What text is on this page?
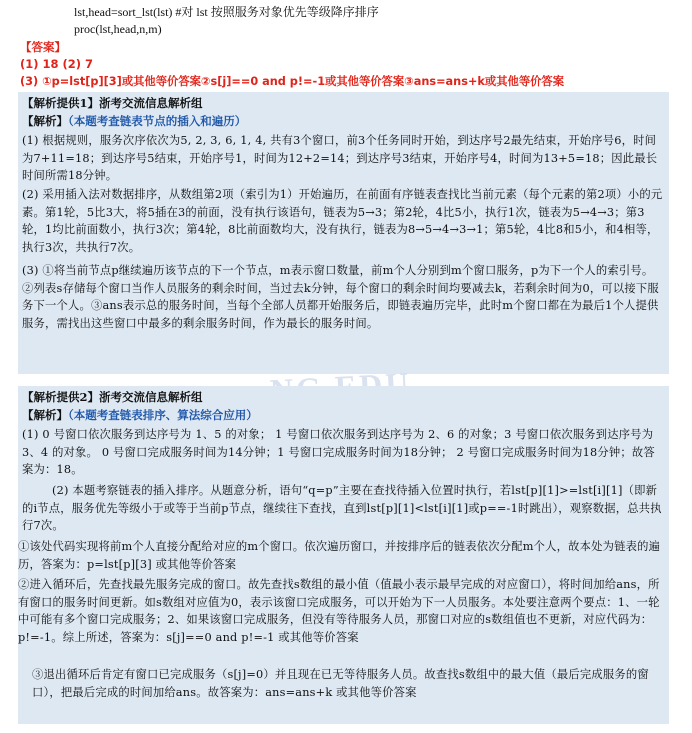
lst,head=sort_lst(lst) #对 lst 按照服务对象优先等级降序排序
proc(lst,head,n,m)
【答案】
(1) 18 (2) 7
(3) ①p=lst[p][3]或其他等价答案②s[j]==0 and p!=-1或其他等价答案③ans=ans+k或其他等价答案
【解析提供1】浙考交流信息解析组
【解析】（本题考查链表节点的插入和遍历）
(1) 根据规则，服务次序依次为5, 2, 3, 6, 1, 4, 共有3个窗口，前3个任务同时开始，到达序号2最先结束，开始序号6，时间为7+11=18；到达序号5结束，开始序号1，时间为12+2=14；到达序号3结束，开始序号4，时间为13+5=18；因此最长时间所需18分钟。
(2) 采用插入法对数据排序，从数组第2项（索引为1）开始遍历，在前面有序链表查找比当前元素（每个元素的第2项）小的元素。第1轮，5比3大，将5插在3的前面，没有执行该语句，链表为5→3；第2轮，4比5小，执行1次，链表为5→4→3；第3轮，1均比前面数小，执行3次；第4轮，8比前面数均大，没有执行，链表为8→5→4→3→1；第5轮，4比8和5小，和4相等，执行3次，共执行7次。
(3) ①将当前节点p继续遍历该节点的下一个节点，m表示窗口数量，前m个人分别到m个窗口服务，p为下一个人的索引号。②列表s存储每个窗口当作人员服务的剩余时间，当过去k分钟，每个窗口的剩余时间均要减去k，若剩余时间为0，可以接下服务下一个人。③ans表示总的服务时间，当每个全部人员都开始服务后，即链表遍历完毕，此时m个窗口都在为最后1个人提供服务，需找出这些窗口中最多的剩余服务时间，作为最长的服务时间。
【解析提供2】浙考交流信息解析组
【解析】（本题考查链表排序、算法综合应用）
(1) 0 号窗口依次服务到达序号为 1、5 的对象； 1 号窗口依次服务到达序号为 2、6 的对象；3 号窗口依次服务到达序号为 3、4 的对象。 0 号窗口完成服务时间为14分钟；1 号窗口完成服务时间为18分钟； 2 号窗口完成服务时间为18分钟；故答案为：18。
(2) 本题考察链表的插入排序。从题意分析，语句“q=p”主要在查找待插入位置时执行，若lst[p][1]>=lst[i][1]（即新的i节点，服务优先等级小于或等于当前p节点，继续往下查找，直到lst[p][1]<lst[i][1]或p==-1时跳出），观察数据，总共执行7次。
①该处代码实现将前m个人直接分配给对应的m个窗口。依次遍历窗口，并按排序后的链表依次分配m个人，故本处为链表的遍历，答案为：p=lst[p][3] 或其他等价答案
②进入循环后，先查找最先服务完成的窗口。故先查找s数组的最小值（值最小表示最早完成的对应窗口），将时间加给ans，所有窗口的服务时间更新。如s数组对应值为0，表示该窗口完成服务，可以开始为下一人员服务。本处要注意两个要点：1、一轮中可能有多个窗口完成服务；2、如果该窗口完成服务，但没有等待服务人员，那窗口对应的s数组值也不更新，对应代码为：p!=-1。综上所述，答案为：s[j]==0 and p!=-1 或其他等价答案
③退出循环后肯定有窗口已完成服务（s[j]=0）并且现在已无等待服务人员。故查找s数组中的最大值（最后完成服务的窗口），把最后完成的时间加给ans。故答案为：ans=ans+k 或其他等价答案
